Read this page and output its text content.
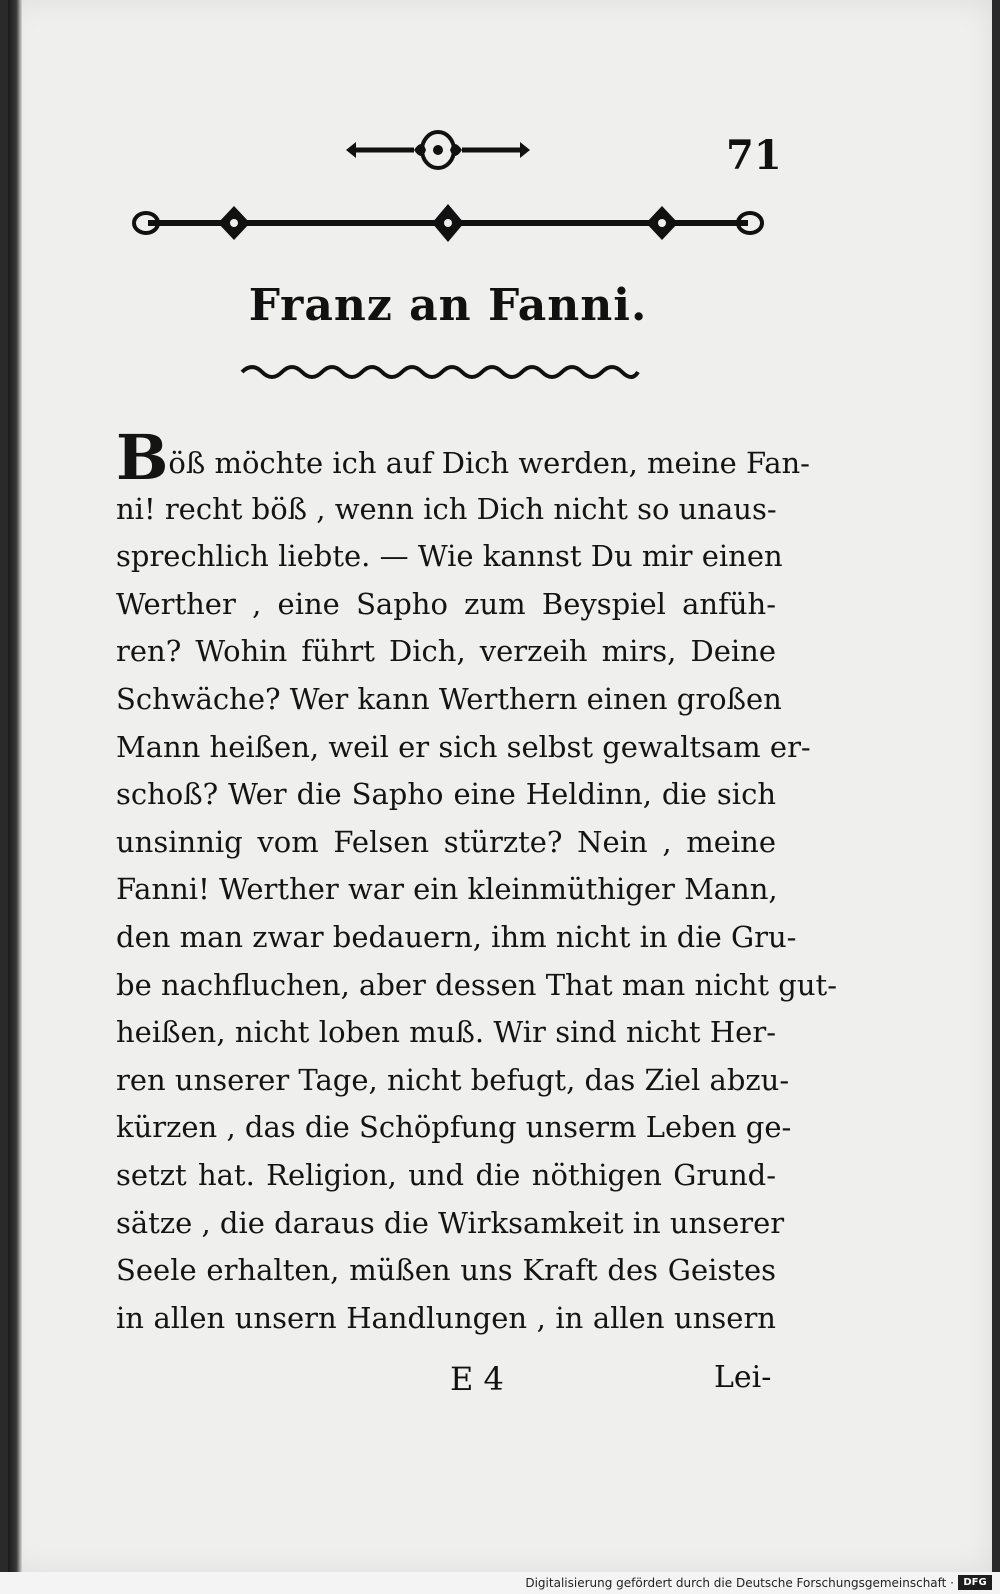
71
Franz an Fanni.
Böß möchte ich auf Dich werden, meine Fan-
ni! recht böß , wenn ich Dich nicht so unaus-
sprechlich liebte. — Wie kannst Du mir einen
Werther , eine Sapho zum Beyspiel anfüh-
ren? Wohin führt Dich, verzeih mirs, Deine
Schwäche? Wer kann Werthern einen großen
Mann heißen, weil er sich selbst gewaltsam er-
schoß? Wer die Sapho eine Heldinn, die sich
unsinnig vom Felsen stürzte? Nein , meine
Fanni! Werther war ein kleinmüthiger Mann,
den man zwar bedauern, ihm nicht in die Gru-
be nachfluchen, aber dessen That man nicht gut-
heißen, nicht loben muß. Wir sind nicht Her-
ren unserer Tage, nicht befugt, das Ziel abzu-
kürzen , das die Schöpfung unserm Leben ge-
setzt hat. Religion, und die nöthigen Grund-
sätze , die daraus die Wirksamkeit in unserer
Seele erhalten, müßen uns Kraft des Geistes
in allen unsern Handlungen , in allen unsern
E 4	Lei-
Digitalisierung gefördert durch die Deutsche Forschungsgemeinschaft · DFG
